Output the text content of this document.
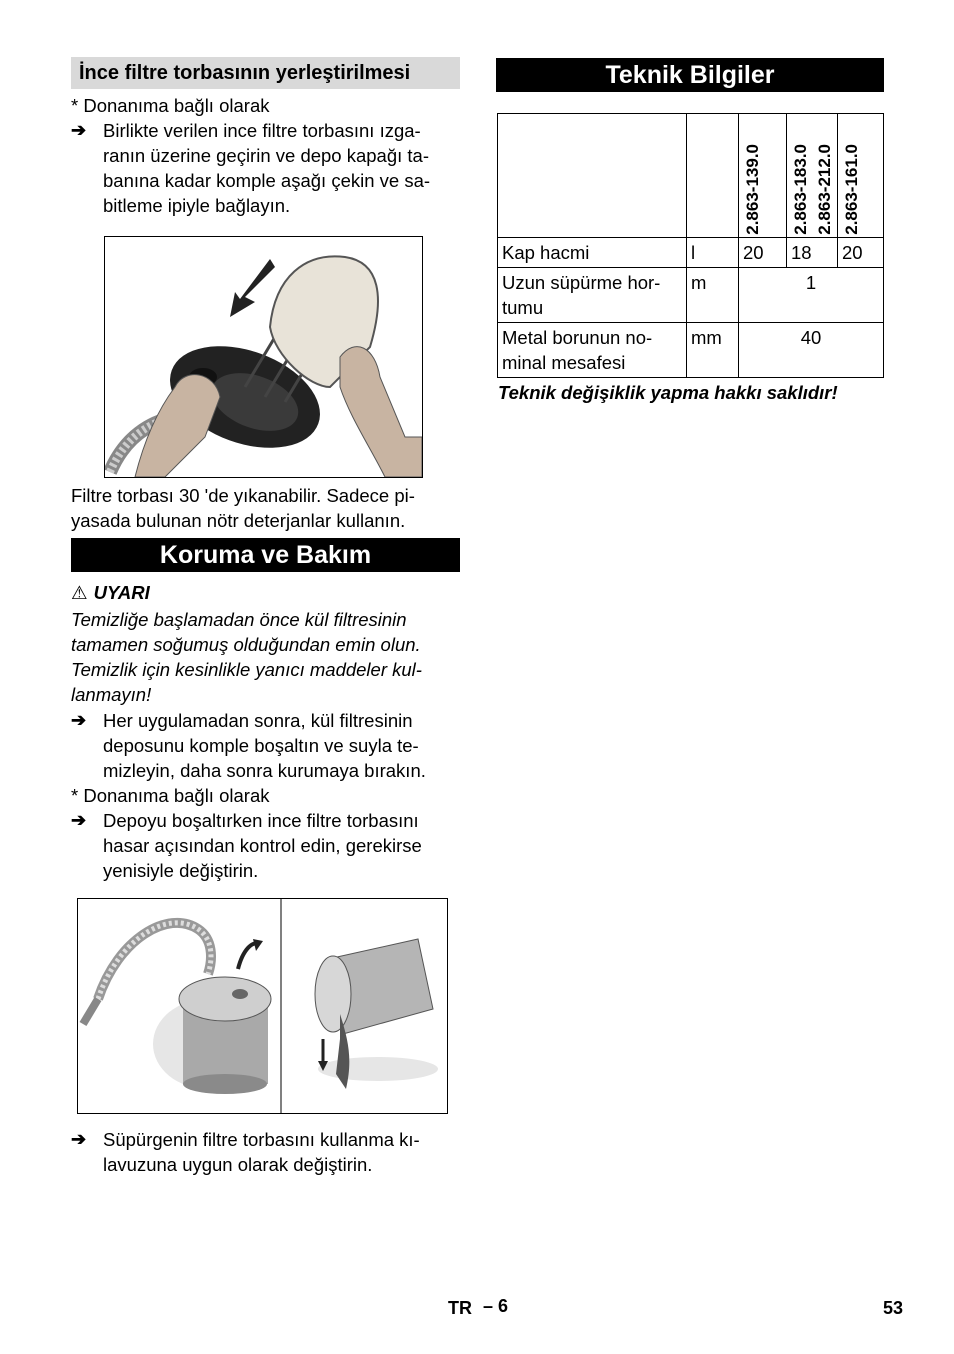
İnce filtre torbasının yerleştirilmesi
* Donanıma bağlı olarak
➔ Birlikte verilen ince filtre torbasını ızga-
ranın üzerine geçirin ve depo kapağı ta-
banına kadar komple aşağı çekin ve sa-
bitleme ipiyle bağlayın.
Filtre torbası 30 'de yıkanabilir. Sadece pi-
yasada bulunan nötr deterjanlar kullanın.
Koruma ve Bakım
⚠ UYARI
Temizliğe başlamadan önce kül filtresinin
tamamen soğumuş olduğundan emin olun.
Temizlik için kesinlikle yanıcı maddeler kul-
lanmayın!
➔ Her uygulamadan sonra, kül filtresinin
deposunu komple boşaltın ve suyla te-
mizleyin, daha sonra kurumaya bırakın.
* Donanıma bağlı olarak
➔ Depoyu boşaltırken ince filtre torbasını
hasar açısından kontrol edin, gerekirse
yenisiyle değiştirin.
➔ Süpürgenin filtre torbasını kullanma kı-
lavuzuna uygun olarak değiştirin.
Teknik Bilgiler

		2.863-139.0	2.863-183.0 2.863-212.0	2.863-161.0

Kap hacmi	l	20	18	20
Uzun süpürme hor-
tumu	m	1		
Metal borunun no-
minal mesafesi	mm	40		
Teknik değişiklik yapma hakkı saklıdır!
TR – 6	53
